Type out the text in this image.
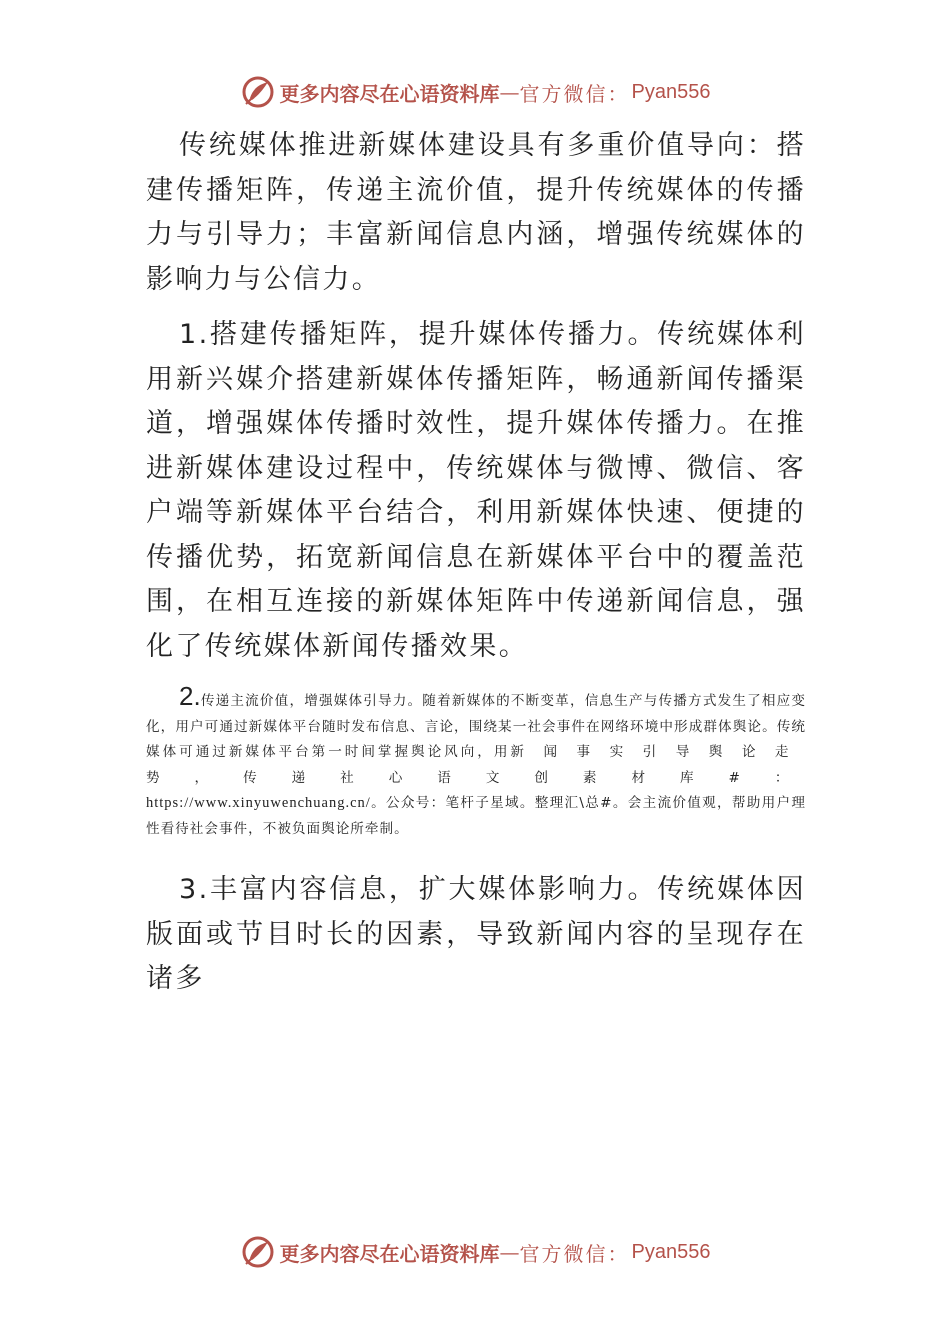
更多内容尽在心语资料库 — 官方微信： Pyan556

传统媒体推进新媒体建设具有多重价值导向：搭建传播矩阵，传递主流价值，提升传统媒体的传播力与引导力；丰富新闻信息内涵，增强传统媒体的影响力与公信力。

1.搭建传播矩阵，提升媒体传播力。传统媒体利用新兴媒介搭建新媒体传播矩阵，畅通新闻传播渠道，增强媒体传播时效性，提升媒体传播力。在推进新媒体建设过程中，传统媒体与微博、微信、客户端等新媒体平台结合，利用新媒体快速、便捷的传播优势，拓宽新闻信息在新媒体平台中的覆盖范围，在相互连接的新媒体矩阵中传递新闻信息，强化了传统媒体新闻传播效果。

2.传递主流价值，增强媒体引导力。随着新媒体的不断变革，信息生产与传播方式发生了相应变化，用户可通过新媒体平台随时发布信息、言论，围绕某一社会事件在网络环境中形成群体舆论。传统媒体可通过新媒体平台第一时间掌握舆论风向，用新闻事实引导舆论走势，传递社心语文创素材库#：https://www.xinyuwenchuang.cn/。公众号：笔杆子星域。整理汇\总#。会主流价值观，帮助用户理性看待社会事件，不被负面舆论所牵制。

3.丰富内容信息，扩大媒体影响力。传统媒体因版面或节目时长的因素，导致新闻内容的呈现存在诸多

更多内容尽在心语资料库 — 官方微信： Pyan556
